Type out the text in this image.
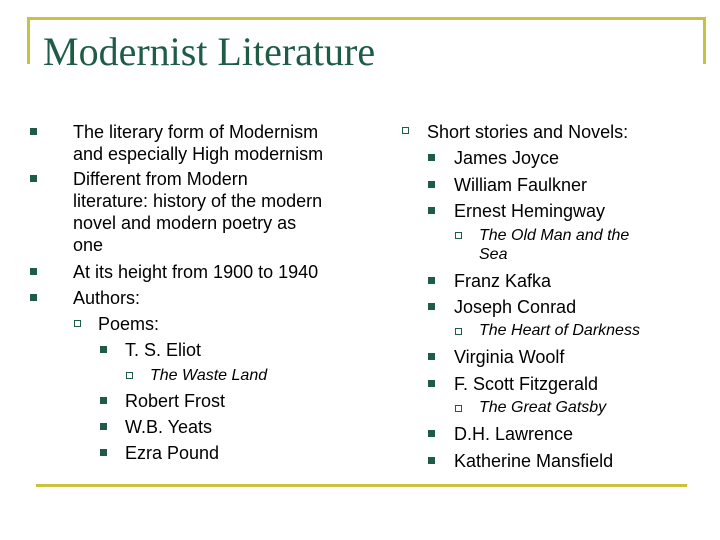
Modernist Literature
The literary form of Modernism
and especially High modernism
Different from Modern
literature: history of the modern
novel and modern poetry as
one
At its height from 1900 to 1940
Authors:
Poems:
T. S. Eliot
The Waste Land
Robert Frost
W.B. Yeats
Ezra Pound
Short stories and Novels:
James Joyce
William Faulkner
Ernest Hemingway
The Old Man and the
Sea
Franz Kafka
Joseph Conrad
The Heart of Darkness
Virginia Woolf
F. Scott Fitzgerald
The Great Gatsby
D.H. Lawrence
Katherine Mansfield
